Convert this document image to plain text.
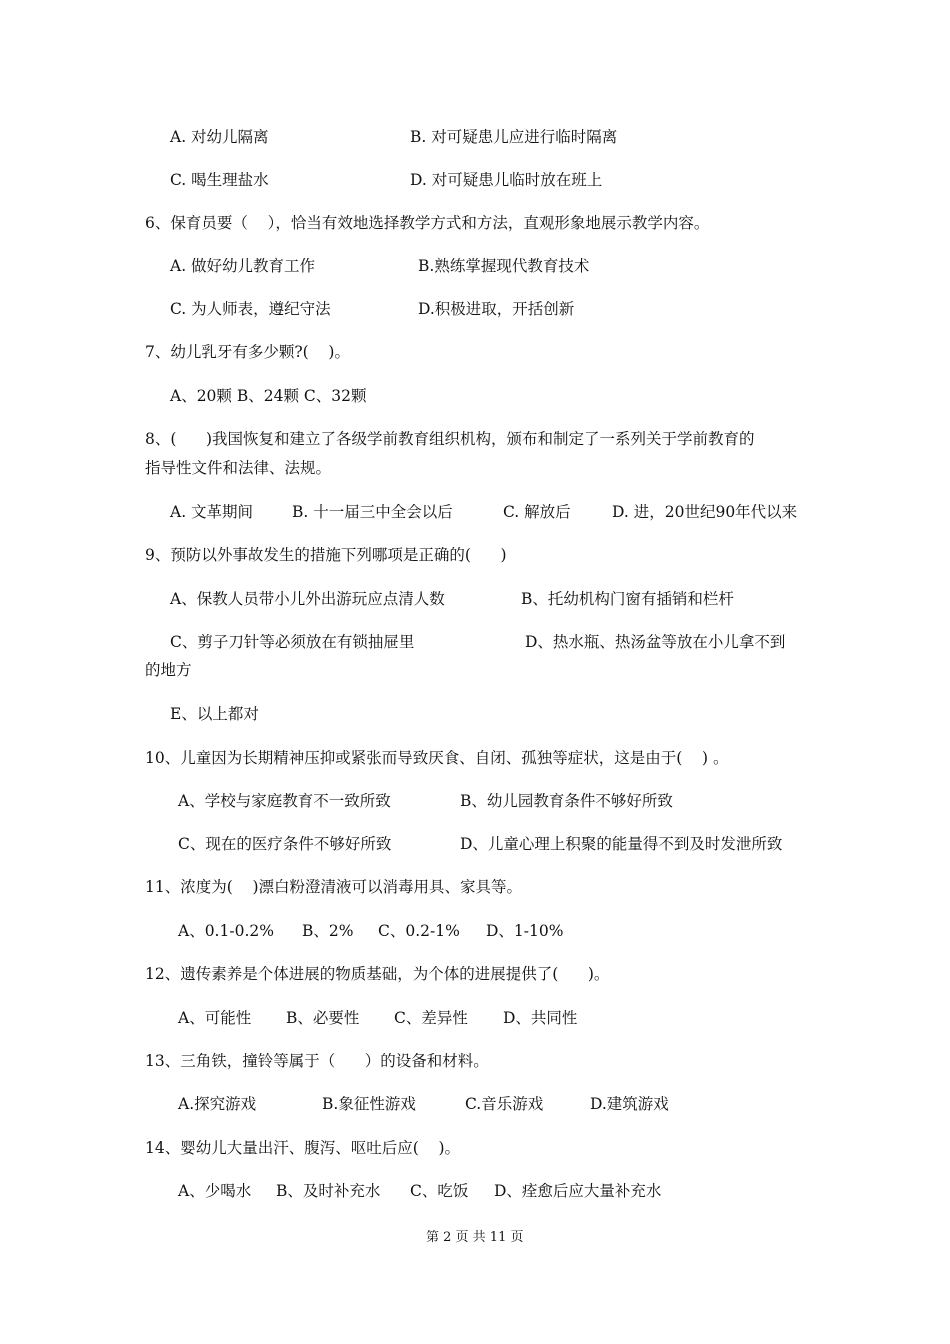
A. 对幼儿隔离	B. 对可疑患儿应进行临时隔离

C. 喝生理盐水	D. 对可疑患儿临时放在班上

6、保育员要（    ），恰当有效地选择教学方式和方法，直观形象地展示教学内容。

A. 做好幼儿教育工作	B.熟练掌握现代教育技术

C. 为人师表，遵纪守法	D.积极进取，开括创新

7、幼儿乳牙有多少颗?(    )。

A、20颗 B、24颗 C、32颗

8、(      )我国恢复和建立了各级学前教育组织机构，颁布和制定了一系列关于学前教育的

指导性文件和法律、法规。

A. 文革期间	B. 十一届三中全会以后	C. 解放后	D. 进，20世纪90年代以来

9、预防以外事故发生的措施下列哪项是正确的(      )

A、保教人员带小儿外出游玩应点清人数	B、托幼机构门窗有插销和栏杆

C、剪子刀针等必须放在有锁抽屉里	D、热水瓶、热汤盆等放在小儿拿不到

的地方

E、以上都对

10、儿童因为长期精神压抑或紧张而导致厌食、自闭、孤独等症状，这是由于(    ) 。

A、学校与家庭教育不一致所致	B、幼儿园教育条件不够好所致

C、现在的医疗条件不够好所致	D、儿童心理上积聚的能量得不到及时发泄所致

11、浓度为(    )漂白粉澄清液可以消毒用具、家具等。

A、0.1-0.2% B、2% C、0.2-1% D、1-10%

12、遗传素养是个体进展的物质基础，为个体的进展提供了(      )。

A、可能性 B、必要性 C、差异性 D、共同性

13、三角铁，撞铃等属于（      ）的设备和材料。

A.探究游戏	B.象征性游戏	C.音乐游戏	D.建筑游戏

14、婴幼儿大量出汗、腹泻、呕吐后应(    )。

A、少喝水 B、及时补充水 C、吃饭 D、痊愈后应大量补充水

第 2 页 共 11 页
